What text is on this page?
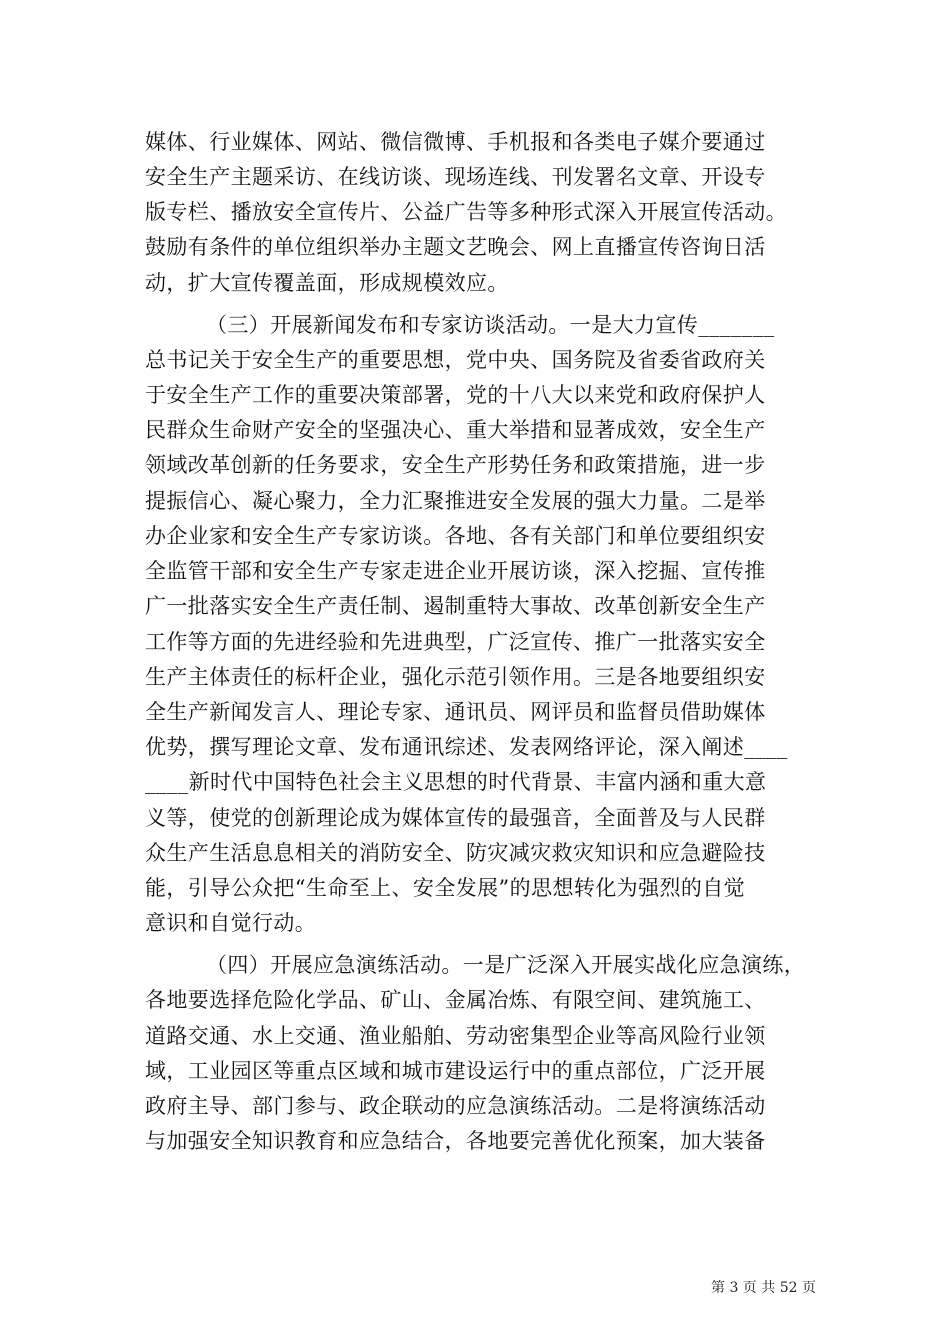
媒体、行业媒体、网站、微信微博、手机报和各类电子媒介要通过
安全生产主题采访、在线访谈、现场连线、刊发署名文章、开设专
版专栏、播放安全宣传片、公益广告等多种形式深入开展宣传活动。
鼓励有条件的单位组织举办主题文艺晚会、网上直播宣传咨询日活
动，扩大宣传覆盖面，形成规模效应。
（三）开展新闻发布和专家访谈活动。一是大力宣传_______
总书记关于安全生产的重要思想，党中央、国务院及省委省政府关
于安全生产工作的重要决策部署，党的十八大以来党和政府保护人
民群众生命财产安全的坚强决心、重大举措和显著成效，安全生产
领域改革创新的任务要求，安全生产形势任务和政策措施，进一步
提振信心、凝心聚力，全力汇聚推进安全发展的强大力量。二是举
办企业家和安全生产专家访谈。各地、各有关部门和单位要组织安
全监管干部和安全生产专家走进企业开展访谈，深入挖掘、宣传推
广一批落实安全生产责任制、遏制重特大事故、改革创新安全生产
工作等方面的先进经验和先进典型，广泛宣传、推广一批落实安全
生产主体责任的标杆企业，强化示范引领作用。三是各地要组织安
全生产新闻发言人、理论专家、通讯员、网评员和监督员借助媒体
优势，撰写理论文章、发布通讯综述、发表网络评论，深入阐述____
____新时代中国特色社会主义思想的时代背景、丰富内涵和重大意
义等，使党的创新理论成为媒体宣传的最强音，全面普及与人民群
众生产生活息息相关的消防安全、防灾减灾救灾知识和应急避险技
能，引导公众把“生命至上、安全发展”的思想转化为强烈的自觉
意识和自觉行动。
（四）开展应急演练活动。一是广泛深入开展实战化应急演练，
各地要选择危险化学品、矿山、金属冶炼、有限空间、建筑施工、
道路交通、水上交通、渔业船舶、劳动密集型企业等高风险行业领
域，工业园区等重点区域和城市建设运行中的重点部位，广泛开展
政府主导、部门参与、政企联动的应急演练活动。二是将演练活动
与加强安全知识教育和应急结合，各地要完善优化预案，加大装备
第 3 页 共 52 页
